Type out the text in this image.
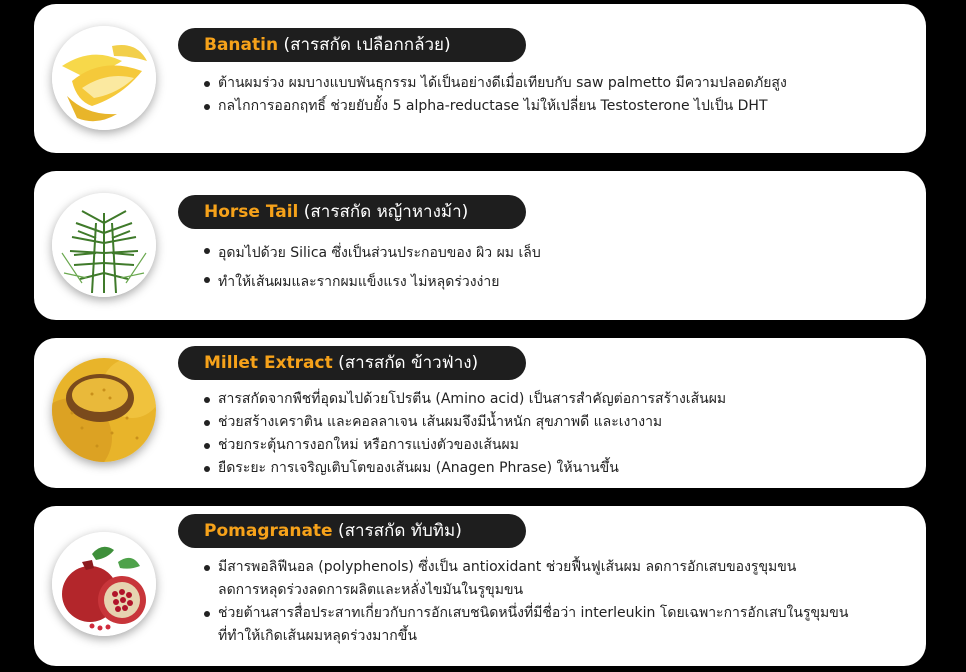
Banatin (สารสกัด เปลือกกล้วย)
ต้านผมร่วง ผมบางแบบพันธุกรรม ได้เป็นอย่างดีเมื่อเทียบกับ saw palmetto มีความปลอดภัยสูง
กลไกการออกฤทธิ์ ช่วยยับยั้ง 5 alpha-reductase ไม่ให้เปลี่ยน Testosterone ไปเป็น DHT
Horse Tail (สารสกัด หญ้าหางม้า)
อุดมไปด้วย Silica ซึ่งเป็นส่วนประกอบของ ผิว ผม เล็บ
ทำให้เส้นผมและรากผมแข็งแรง ไม่หลุดร่วงง่าย
Millet Extract (สารสกัด ข้าวฟ่าง)
สารสกัดจากพืชที่อุดมไปด้วยโปรตีน (Amino acid) เป็นสารสำคัญต่อการสร้างเส้นผม
ช่วยสร้างเคราติน และคอลลาเจน เส้นผมจึงมีน้ำหนัก สุขภาพดี และเงางาม
ช่วยกระตุ้นการงอกใหม่ หรือการแบ่งตัวของเส้นผม
ยืดระยะ การเจริญเติบโตของเส้นผม (Anagen Phrase) ให้นานขึ้น
Pomagranate (สารสกัด ทับทิม)
มีสารพอลิฟีนอล (polyphenols) ซึ่งเป็น antioxidant ช่วยฟื้นฟูเส้นผม ลดการอักเสบของรูขุมขน
ลดการหลุดร่วงลดการผลิตและหลั่งไขมันในรูขุมขน
ช่วยต้านสารสื่อประสาทเกี่ยวกับการอักเสบชนิดหนึ่งที่มีชื่อว่า interleukin โดยเฉพาะการอักเสบในรูขุมขน
ที่ทำให้เกิดเส้นผมหลุดร่วงมากขึ้น
